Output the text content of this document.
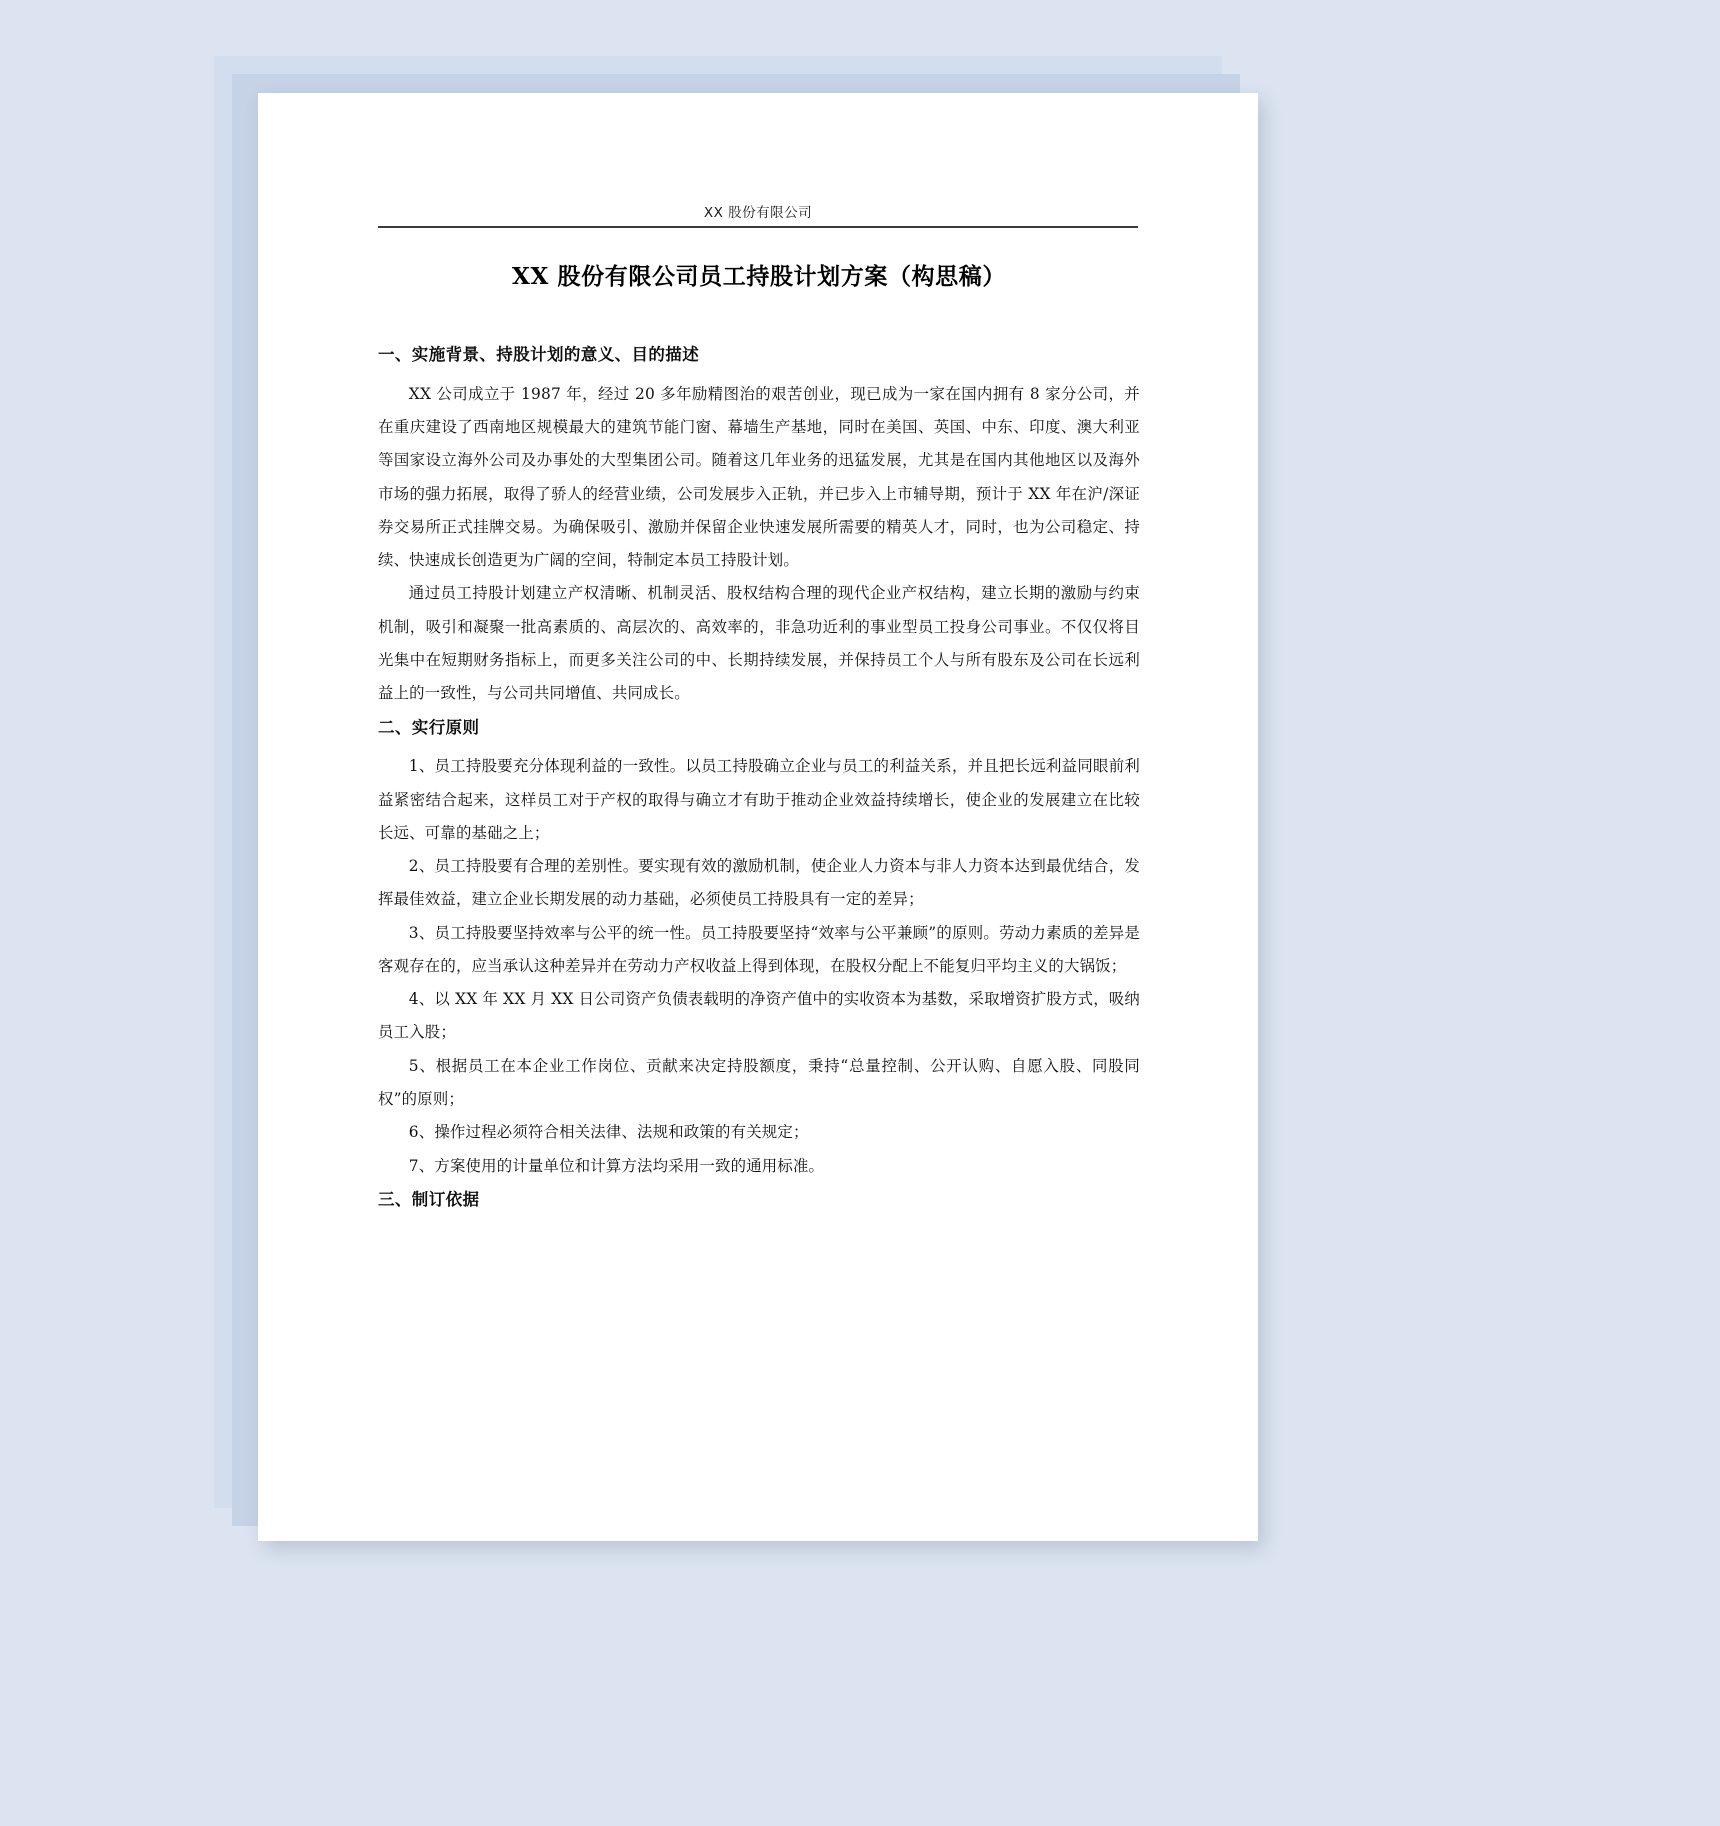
XX 股份有限公司
XX 股份有限公司员工持股计划方案（构思稿）
一、实施背景、持股计划的意义、目的描述

XX 公司成立于 1987 年，经过 20 多年励精图治的艰苦创业，现已成为一家在国内拥有 8 家分公司，并在重庆建设了西南地区规模最大的建筑节能门窗、幕墙生产基地，同时在美国、英国、中东、印度、澳大利亚等国家设立海外公司及办事处的大型集团公司。随着这几年业务的迅猛发展，尤其是在国内其他地区以及海外市场的强力拓展，取得了骄人的经营业绩，公司发展步入正轨，并已步入上市辅导期，预计于 XX 年在沪/深证券交易所正式挂牌交易。为确保吸引、激励并保留企业快速发展所需要的精英人才，同时，也为公司稳定、持续、快速成长创造更为广阔的空间，特制定本员工持股计划。

通过员工持股计划建立产权清晰、机制灵活、股权结构合理的现代企业产权结构，建立长期的激励与约束机制，吸引和凝聚一批高素质的、高层次的、高效率的，非急功近利的事业型员工投身公司事业。不仅仅将目光集中在短期财务指标上，而更多关注公司的中、长期持续发展，并保持员工个人与所有股东及公司在长远利益上的一致性，与公司共同增值、共同成长。

二、实行原则

1、员工持股要充分体现利益的一致性。以员工持股确立企业与员工的利益关系，并且把长远利益同眼前利益紧密结合起来，这样员工对于产权的取得与确立才有助于推动企业效益持续增长，使企业的发展建立在比较长远、可靠的基础之上；

2、员工持股要有合理的差别性。要实现有效的激励机制，使企业人力资本与非人力资本达到最优结合，发挥最佳效益，建立企业长期发展的动力基础，必须使员工持股具有一定的差异；

3、员工持股要坚持效率与公平的统一性。员工持股要坚持“效率与公平兼顾”的原则。劳动力素质的差异是客观存在的，应当承认这种差异并在劳动力产权收益上得到体现，在股权分配上不能复归平均主义的大锅饭；

4、以 XX 年 XX 月 XX 日公司资产负债表载明的净资产值中的实收资本为基数，采取增资扩股方式，吸纳员工入股；

5、根据员工在本企业工作岗位、贡献来决定持股额度，秉持“总量控制、公开认购、自愿入股、同股同权”的原则；

6、操作过程必须符合相关法律、法规和政策的有关规定；

7、方案使用的计量单位和计算方法均采用一致的通用标准。

三、制订依据
